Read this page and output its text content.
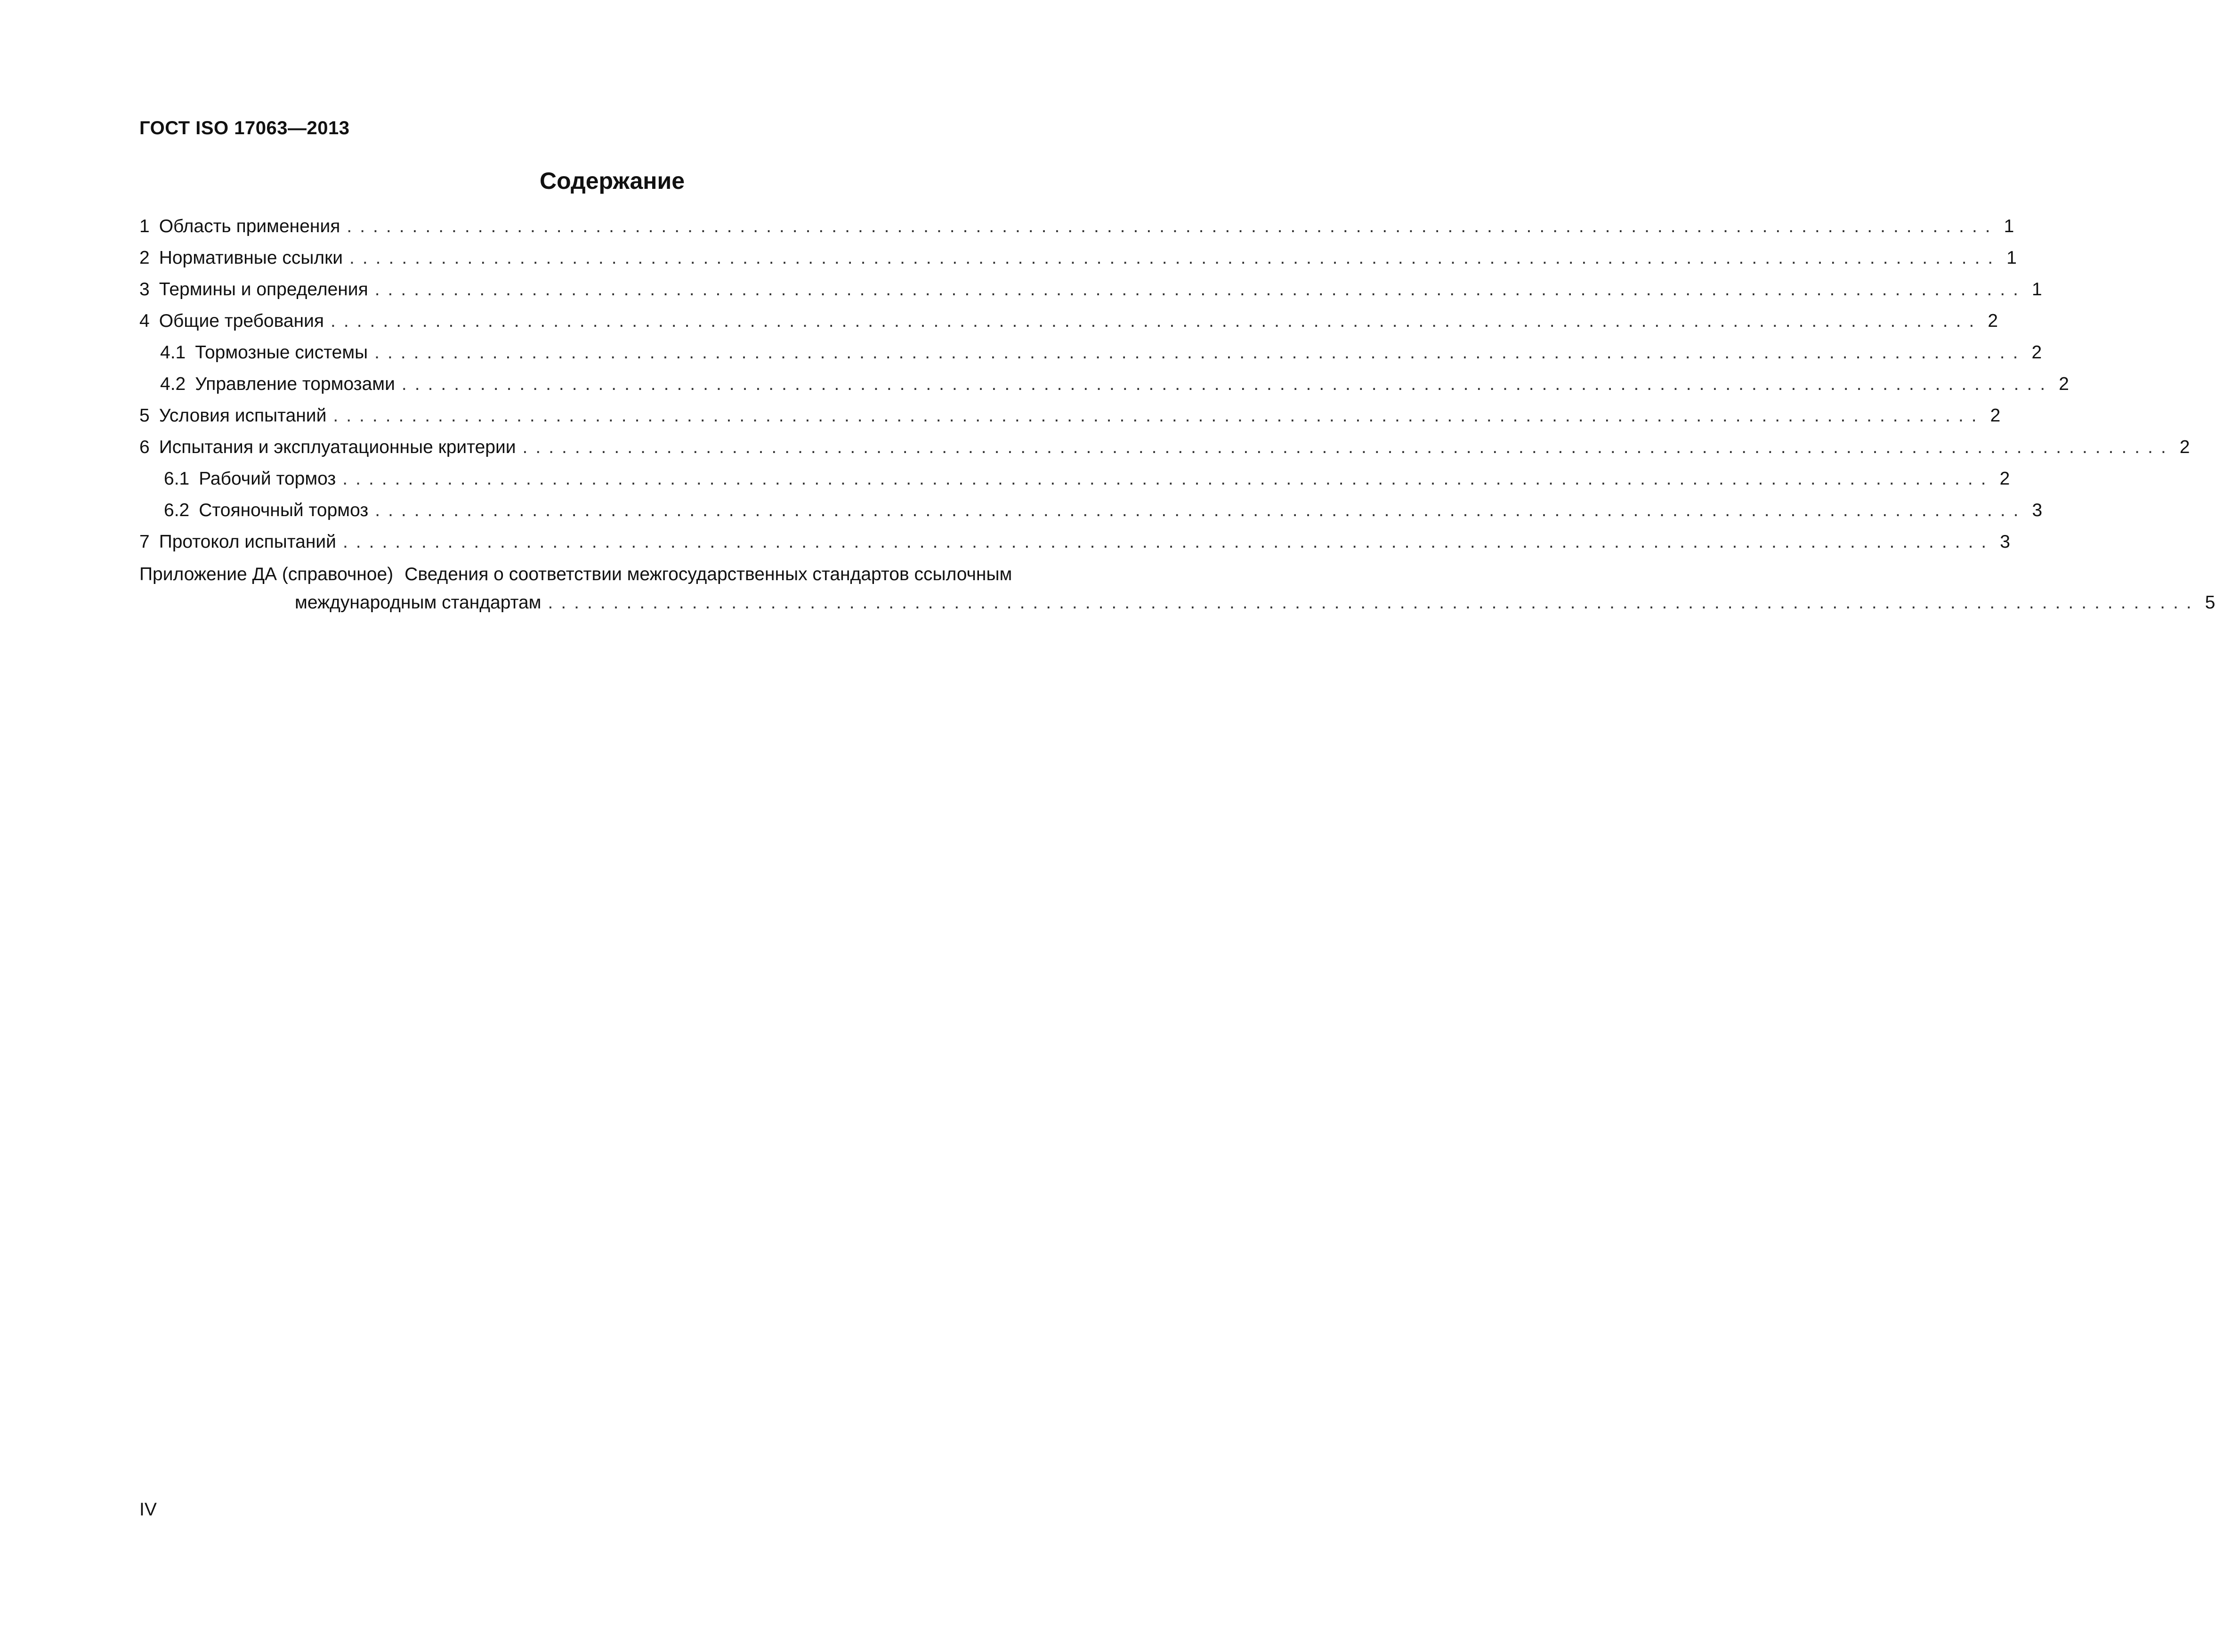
ГОСТ ISO 17063—2013
Содержание
1 Область применения .............................................................................................................................. 1
2 Нормативные ссылки .............................................................................................................................. 1
3 Термины и определения .............................................................................................................................. 1
4 Общие требования .............................................................................................................................. 2
4.1 Тормозные системы .............................................................................................................................. 2
4.2 Управление тормозами .............................................................................................................................. 2
5 Условия испытаний .............................................................................................................................. 2
6 Испытания и эксплуатационные критерии .............................................................................................................................. 2
6.1 Рабочий тормоз .............................................................................................................................. 2
6.2 Стояночный тормоз .............................................................................................................................. 3
7 Протокол испытаний .............................................................................................................................. 3
Приложение ДА (справочное) Сведения о соответствии межгосударственных стандартов ссылочным
международным стандартам .............................................................................................................................. 5
IV
